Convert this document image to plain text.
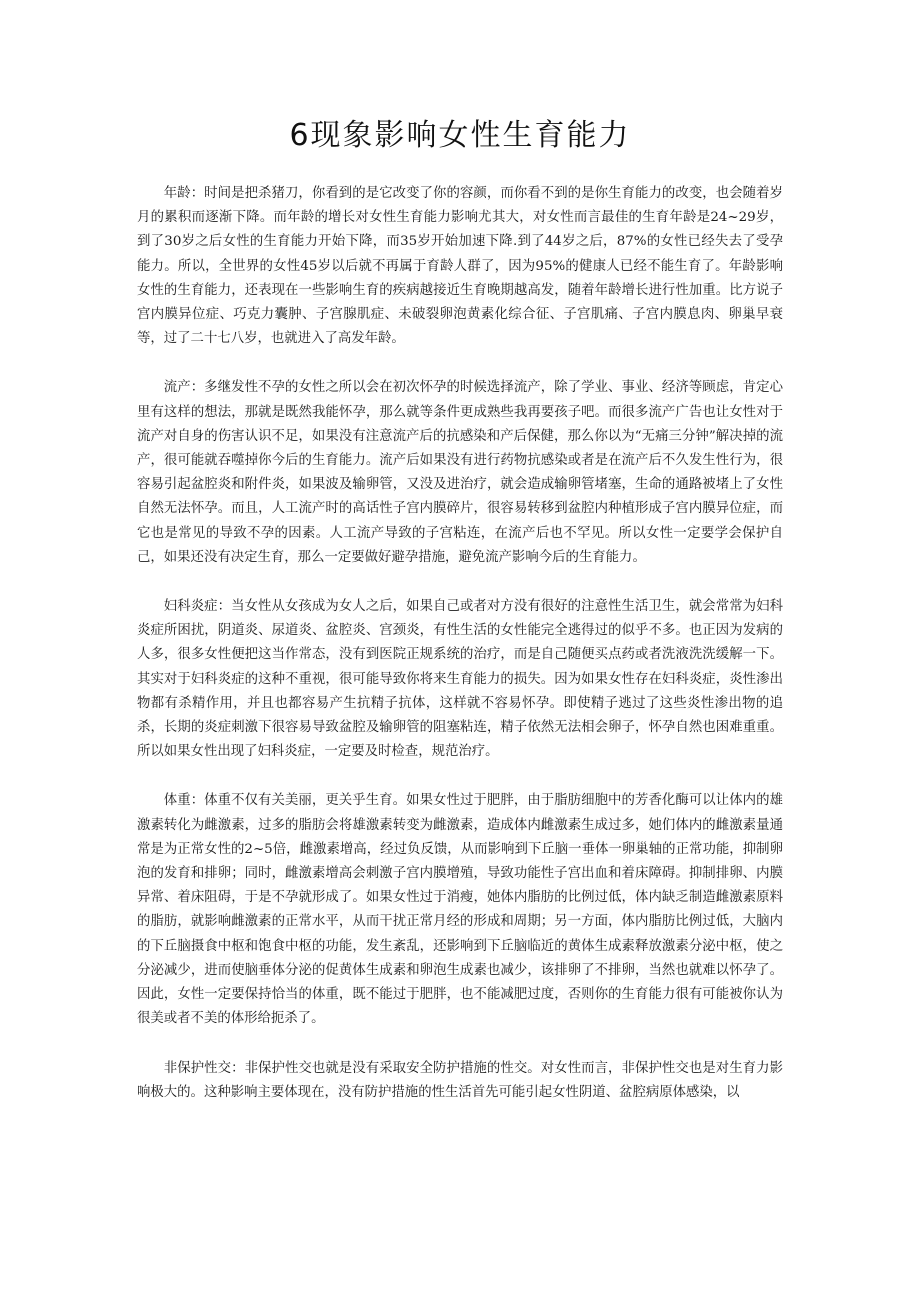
6现象影响女性生育能力

年龄：时间是把杀猪刀，你看到的是它改变了你的容颜，而你看不到的是你生育能力的改变，也会随着岁月的累积而逐渐下降。而年龄的增长对女性生育能力影响尤其大，对女性而言最佳的生育年龄是24~29岁，到了30岁之后女性的生育能力开始下降，而35岁开始加速下降.到了44岁之后，87%的女性已经失去了受孕能力。所以，全世界的女性45岁以后就不再属于育龄人群了，因为95%的健康人已经不能生育了。年龄影响女性的生育能力，还表现在一些影响生育的疾病越接近生育晚期越高发，随着年龄增长进行性加重。比方说子宫内膜异位症、巧克力囊肿、子宫腺肌症、未破裂卵泡黄素化综合征、子宫肌痛、子宫内膜息肉、卵巢早衰等，过了二十七八岁，也就进入了高发年龄。

流产：多继发性不孕的女性之所以会在初次怀孕的时候选择流产，除了学业、事业、经济等顾虑，肯定心里有这样的想法，那就是既然我能怀孕，那么就等条件更成熟些我再要孩子吧。而很多流产广告也让女性对于流产对自身的伤害认识不足，如果没有注意流产后的抗感染和产后保健，那么你以为“无痛三分钟”解决掉的流产，很可能就吞噬掉你今后的生育能力。流产后如果没有进行药物抗感染或者是在流产后不久发生性行为，很容易引起盆腔炎和附件炎，如果波及输卵管，又没及进治疗，就会造成输卵管堵塞，生命的通路被堵上了女性自然无法怀孕。而且，人工流产时的高话性子宫内膜碎片，很容易转移到盆腔内种植形成子宫内膜异位症，而它也是常见的导致不孕的因素。人工流产导致的子宫粘连，在流产后也不罕见。所以女性一定要学会保护自己，如果还没有决定生育，那么一定要做好避孕措施，避免流产影响今后的生育能力。

妇科炎症：当女性从女孩成为女人之后，如果自己或者对方没有很好的注意性生活卫生，就会常常为妇科炎症所困扰，阴道炎、尿道炎、盆腔炎、宫颈炎，有性生活的女性能完全逃得过的似乎不多。也正因为发病的人多，很多女性便把这当作常态，没有到医院正规系统的治疗，而是自己随便买点药或者洗液洗洗缓解一下。其实对于妇科炎症的这种不重视，很可能导致你将来生育能力的损失。因为如果女性存在妇科炎症，炎性渗出物都有杀精作用，并且也都容易产生抗精子抗体，这样就不容易怀孕。即使精子逃过了这些炎性渗出物的追杀，长期的炎症刺激下很容易导致盆腔及输卵管的阻塞粘连，精子依然无法相会卵子，怀孕自然也困难重重。所以如果女性出现了妇科炎症，一定要及时检查，规范治疗。

体重：体重不仅有关美丽，更关乎生育。如果女性过于肥胖，由于脂肪细胞中的芳香化酶可以让体内的雄激素转化为雌激素，过多的脂肪会将雄激素转变为雌激素，造成体内雌激素生成过多，她们体内的雌激素量通常是为正常女性的2~5倍，雌激素增高，经过负反馈，从而影响到下丘脑一垂体一卵巢轴的正常功能，抑制卵泡的发育和排卵；同时，雌激素增高会刺激子宫内膜增殖，导致功能性子宫出血和着床障碍。抑制排卵、内膜异常、着床阻碍，于是不孕就形成了。如果女性过于消瘦，她体内脂肪的比例过低，体内缺乏制造雌激素原料的脂肪，就影响雌激素的正常水平，从而干扰正常月经的形成和周期；另一方面，体内脂肪比例过低，大脑内的下丘脑摄食中枢和饱食中枢的功能，发生紊乱，还影响到下丘脑临近的黄体生成素释放激素分泌中枢，使之分泌减少，进而使脑垂体分泌的促黄体生成素和卵泡生成素也减少，该排卵了不排卵，当然也就难以怀孕了。因此，女性一定要保持恰当的体重，既不能过于肥胖，也不能减肥过度，否则你的生育能力很有可能被你认为很美或者不美的体形给扼杀了。

非保护性交：非保护性交也就是没有采取安全防护措施的性交。对女性而言，非保护性交也是对生育力影响极大的。这种影响主要体现在，没有防护措施的性生活首先可能引起女性阴道、盆腔病原体感染，以
